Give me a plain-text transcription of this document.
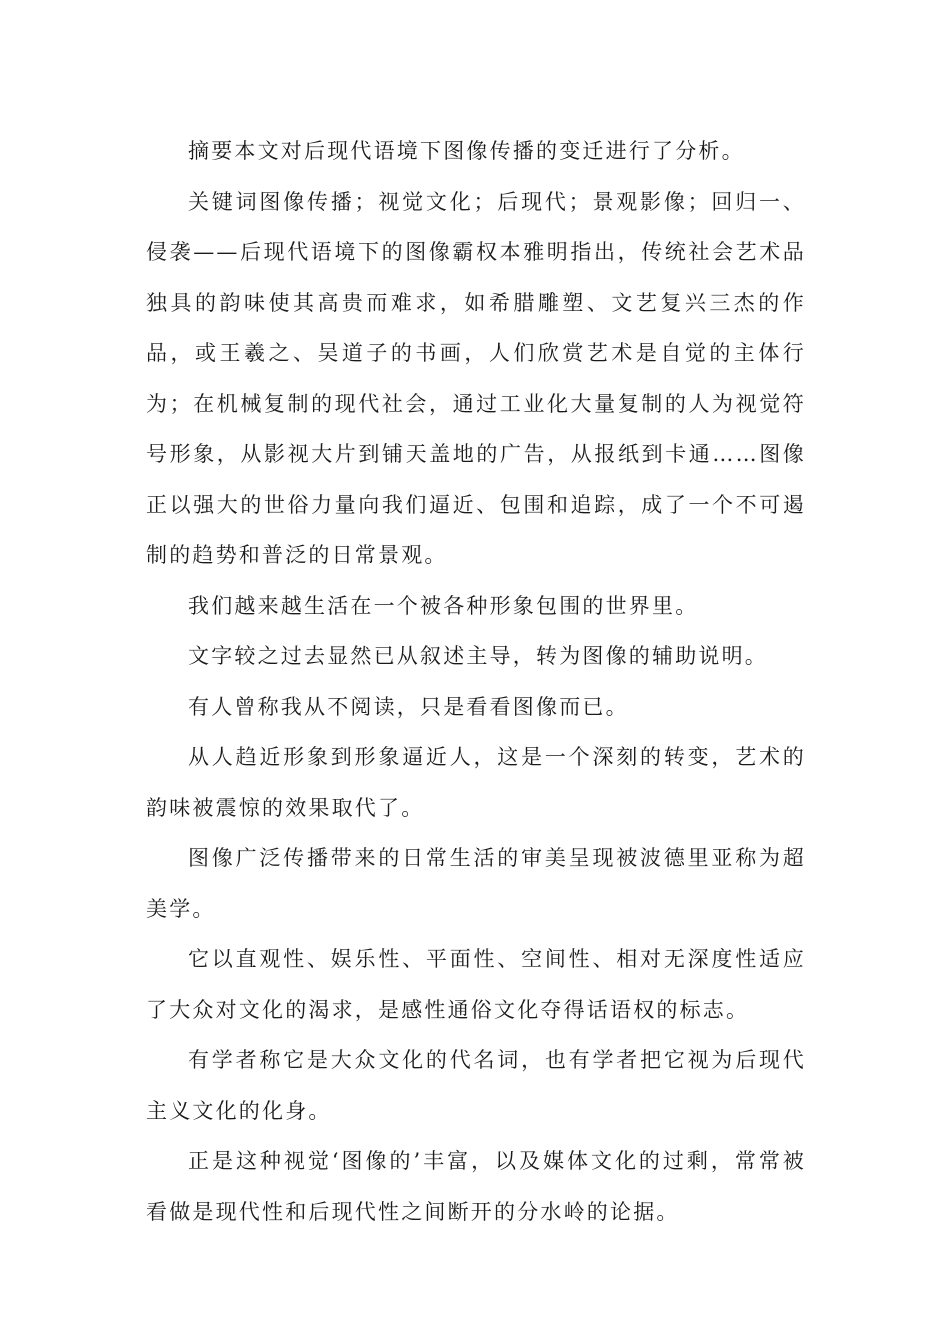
摘要本文对后现代语境下图像传播的变迁进行了分析。

关键词图像传播；视觉文化；后现代；景观影像；回归一、侵袭——后现代语境下的图像霸权本雅明指出，传统社会艺术品独具的韵味使其高贵而难求，如希腊雕塑、文艺复兴三杰的作品，或王羲之、吴道子的书画，人们欣赏艺术是自觉的主体行为；在机械复制的现代社会，通过工业化大量复制的人为视觉符号形象，从影视大片到铺天盖地的广告，从报纸到卡通……图像正以强大的世俗力量向我们逼近、包围和追踪，成了一个不可遏制的趋势和普泛的日常景观。

我们越来越生活在一个被各种形象包围的世界里。

文字较之过去显然已从叙述主导，转为图像的辅助说明。

有人曾称我从不阅读，只是看看图像而已。

从人趋近形象到形象逼近人，这是一个深刻的转变，艺术的韵味被震惊的效果取代了。

图像广泛传播带来的日常生活的审美呈现被波德里亚称为超美学。

它以直观性、娱乐性、平面性、空间性、相对无深度性适应了大众对文化的渴求，是感性通俗文化夺得话语权的标志。

有学者称它是大众文化的代名词，也有学者把它视为后现代主义文化的化身。

正是这种视觉‘图像的’丰富，以及媒体文化的过剩，常常被看做是现代性和后现代性之间断开的分水岭的论据。
